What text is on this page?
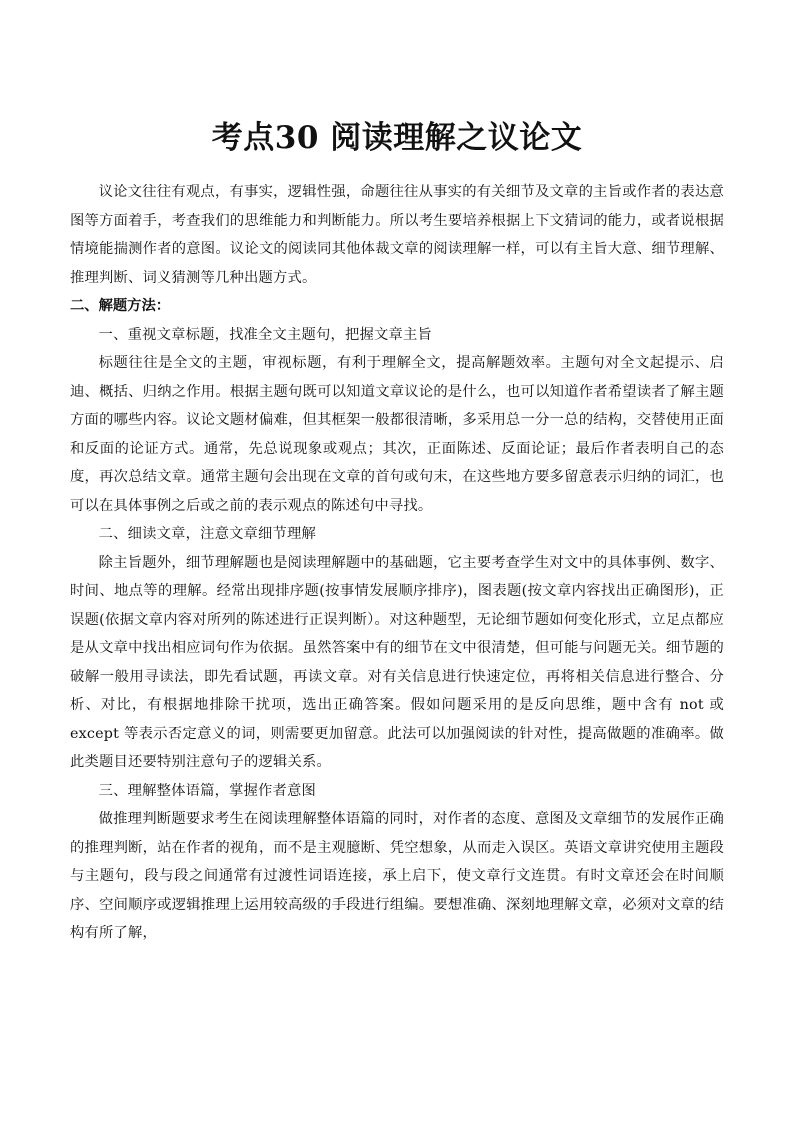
考点30 阅读理解之议论文

议论文往往有观点，有事实，逻辑性强，命题往往从事实的有关细节及文章的主旨或作者的表达意图等方面着手，考查我们的思维能力和判断能力。所以考生要培养根据上下文猜词的能力，或者说根据情境能揣测作者的意图。议论文的阅读同其他体裁文章的阅读理解一样，可以有主旨大意、细节理解、推理判断、词义猜测等几种出题方式。

二、解题方法：

一、重视文章标题，找准全文主题句，把握文章主旨

标题往往是全文的主题，审视标题，有利于理解全文，提高解题效率。主题句对全文起提示、启迪、概括、归纳之作用。根据主题句既可以知道文章议论的是什么，也可以知道作者希望读者了解主题方面的哪些内容。议论文题材偏难，但其框架一般都很清晰，多采用总一分一总的结构，交替使用正面和反面的论证方式。通常，先总说现象或观点；其次，正面陈述、反面论证；最后作者表明自己的态度，再次总结文章。通常主题句会出现在文章的首句或句末，在这些地方要多留意表示归纳的词汇，也可以在具体事例之后或之前的表示观点的陈述句中寻找。

二、细读文章，注意文章细节理解

除主旨题外，细节理解题也是阅读理解题中的基础题，它主要考查学生对文中的具体事例、数字、时间、地点等的理解。经常出现排序题(按事情发展顺序排序)，图表题(按文章内容找出正确图形)，正误题(依据文章内容对所列的陈述进行正误判断）。对这种题型，无论细节题如何变化形式，立足点都应是从文章中找出相应词句作为依据。虽然答案中有的细节在文中很清楚，但可能与问题无关。细节题的破解一般用寻读法，即先看试题，再读文章。对有关信息进行快速定位，再将相关信息进行整合、分析、对比，有根据地排除干扰项，选出正确答案。假如问题采用的是反向思维，题中含有 not 或 except 等表示否定意义的词，则需要更加留意。此法可以加强阅读的针对性，提高做题的准确率。做此类题目还要特别注意句子的逻辑关系。

三、理解整体语篇，掌握作者意图

做推理判断题要求考生在阅读理解整体语篇的同时，对作者的态度、意图及文章细节的发展作正确的推理判断，站在作者的视角，而不是主观臆断、凭空想象，从而走入误区。英语文章讲究使用主题段与主题句，段与段之间通常有过渡性词语连接，承上启下，使文章行文连贯。有时文章还会在时间顺序、空间顺序或逻辑推理上运用较高级的手段进行组编。要想准确、深刻地理解文章，必须对文章的结构有所了解，
